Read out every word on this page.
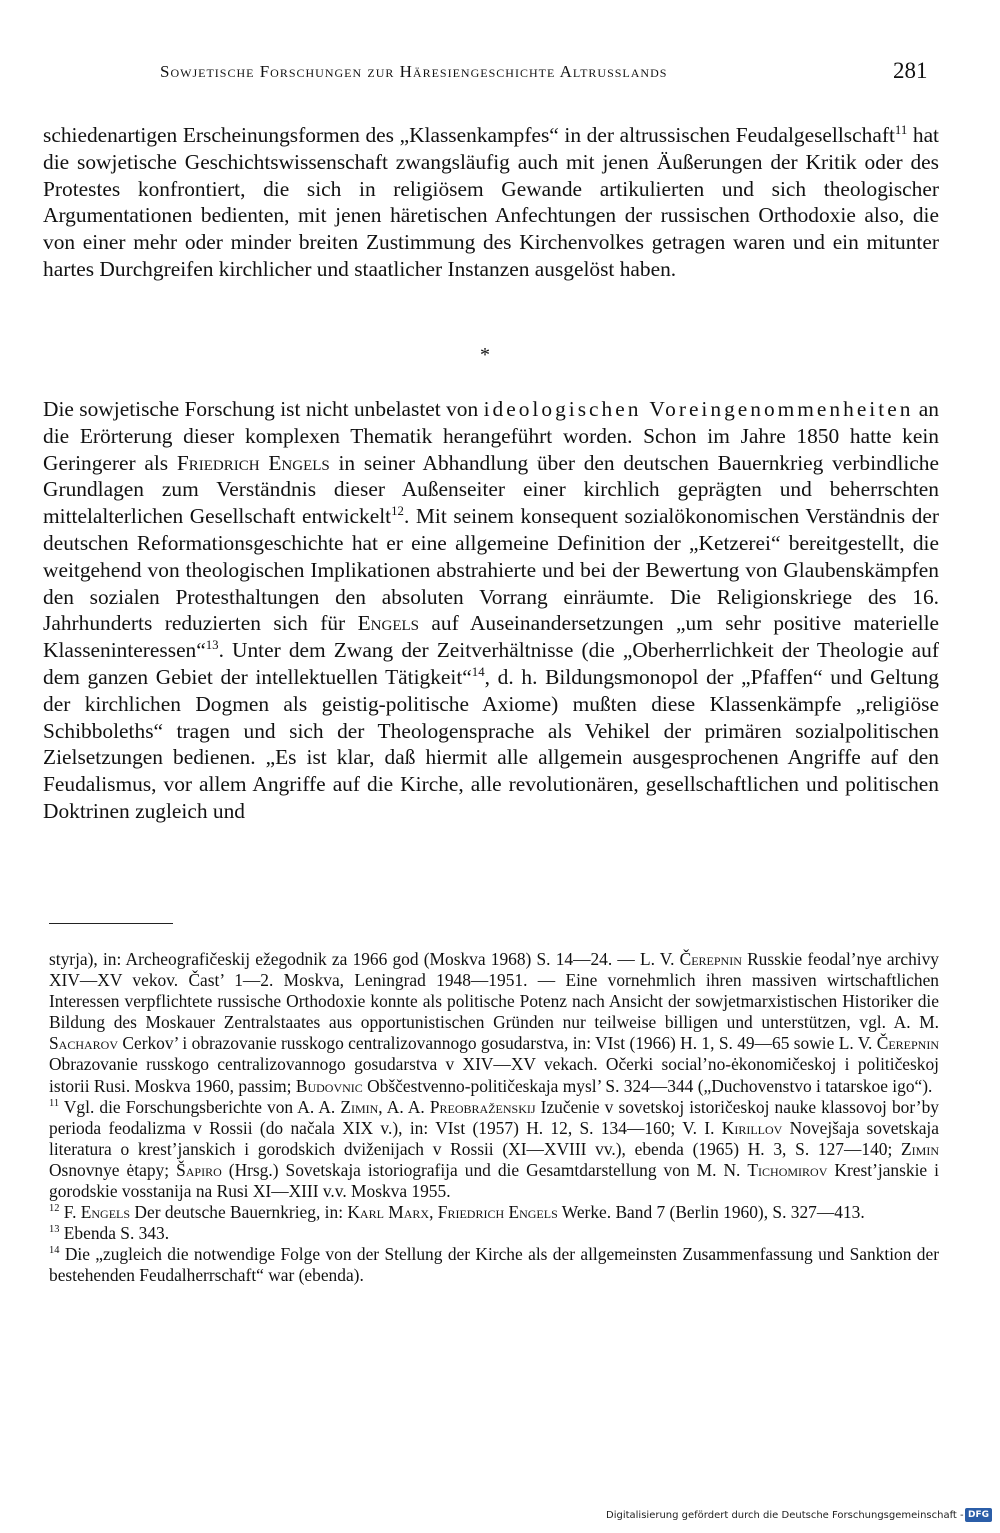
Sowjetische Forschungen zur Häresiengeschichte Altrusslands	281

schiedenartigen Erscheinungsformen des „Klassenkampfes“ in der altrussischen Feudalgesellschaft$^{11}$ hat die sowjetische Geschichtswissenschaft zwangsläufig auch mit jenen Äußerungen der Kritik oder des Protestes konfrontiert, die sich in religiösem Gewande artikulierten und sich theologischer Argumentationen bedienten, mit jenen häretischen Anfechtungen der russischen Orthodoxie also, die von einer mehr oder minder breiten Zustimmung des Kirchenvolkes getragen waren und ein mitunter hartes Durchgreifen kirchlicher und staatlicher Instanzen ausgelöst haben.

*

Die sowjetische Forschung ist nicht unbelastet von ideologischen Voreingenommenheiten an die Erörterung dieser komplexen Thematik herangeführt worden. Schon im Jahre 1850 hatte kein Geringerer als Friedrich Engels in seiner Abhandlung über den deutschen Bauernkrieg verbindliche Grundlagen zum Verständnis dieser Außenseiter einer kirchlich geprägten und beherrschten mittelalterlichen Gesellschaft entwickelt$^{12}$. Mit seinem konsequent sozialökonomischen Verständnis der deutschen Reformationsgeschichte hat er eine allgemeine Definition der „Ketzerei“ bereitgestellt, die weitgehend von theologischen Implikationen abstrahierte und bei der Bewertung von Glaubenskämpfen den sozialen Protesthaltungen den absoluten Vorrang einräumte. Die Religionskriege des 16. Jahrhunderts reduzierten sich für Engels auf Auseinandersetzungen „um sehr positive materielle Klasseninteressen“$^{13}$. Unter dem Zwang der Zeitverhältnisse (die „Oberherrlichkeit der Theologie auf dem ganzen Gebiet der intellektuellen Tätigkeit“$^{14}$, d. h. Bildungsmonopol der „Pfaffen“ und Geltung der kirchlichen Dogmen als geistig-politische Axiome) mußten diese Klassenkämpfe „religiöse Schibboleths“ tragen und sich der Theologensprache als Vehikel der primären sozialpolitischen Zielsetzungen bedienen. „Es ist klar, daß hiermit alle allgemein ausgesprochenen Angriffe auf den Feudalismus, vor allem Angriffe auf die Kirche, alle revolutionären, gesellschaftlichen und politischen Doktrinen zugleich und

styrja), in: Archeografičeskij ežegodnik za 1966 god (Moskva 1968) S. 14—24. — L. V. Čerepnin Russkie feodal’nye archivy XIV—XV vekov. Čast’ 1—2. Moskva, Leningrad 1948—1951. — Eine vornehmlich ihren massiven wirtschaftlichen Interessen verpflichtete russische Orthodoxie konnte als politische Potenz nach Ansicht der sowjetmarxistischen Historiker die Bildung des Moskauer Zentralstaates aus opportunistischen Gründen nur teilweise billigen und unterstützen, vgl. A. M. Sacharov Cerkov’ i obrazovanie russkogo centralizovannogo gosudarstva, in: VIst (1966) H. 1, S. 49—65 sowie L. V. Čerepnin Obrazovanie russkogo centralizovannogo gosudarstva v XIV—XV vekach. Očerki social’no-ėkonomičeskoj i političeskoj istorii Rusi. Moskva 1960, passim; Budovnic Obščestvenno-političeskaja mysl’ S. 324—344 („Duchovenstvo i tatarskoe igo“).

$^{11}$ Vgl. die Forschungsberichte von A. A. Zimin, A. A. Preobraženskij Izučenie v sovetskoj istoričeskoj nauke klassovoj bor’by perioda feodalizma v Rossii (do načala XIX v.), in: VIst (1957) H. 12, S. 134—160; V. I. Kirillov Novejšaja sovetskaja literatura o krest’janskich i gorodskich dviženijach v Rossii (XI—XVIII vv.), ebenda (1965) H. 3, S. 127—140; Zimin Osnovnye ėtapy; Šapiro (Hrsg.) Sovetskaja istoriografija und die Gesamtdarstellung von M. N. Tichomirov Krest’janskie i gorodskie vosstanija na Rusi XI—XIII v.v. Moskva 1955.

$^{12}$ F. Engels Der deutsche Bauernkrieg, in: Karl Marx, Friedrich Engels Werke. Band 7 (Berlin 1960), S. 327—413.

$^{13}$ Ebenda S. 343.

$^{14}$ Die „zugleich die notwendige Folge von der Stellung der Kirche als der allgemeinsten Zusammenfassung und Sanktion der bestehenden Feudalherrschaft“ war (ebenda).

Digitalisierung gefördert durch die Deutsche Forschungsgemeinschaft - DFG
